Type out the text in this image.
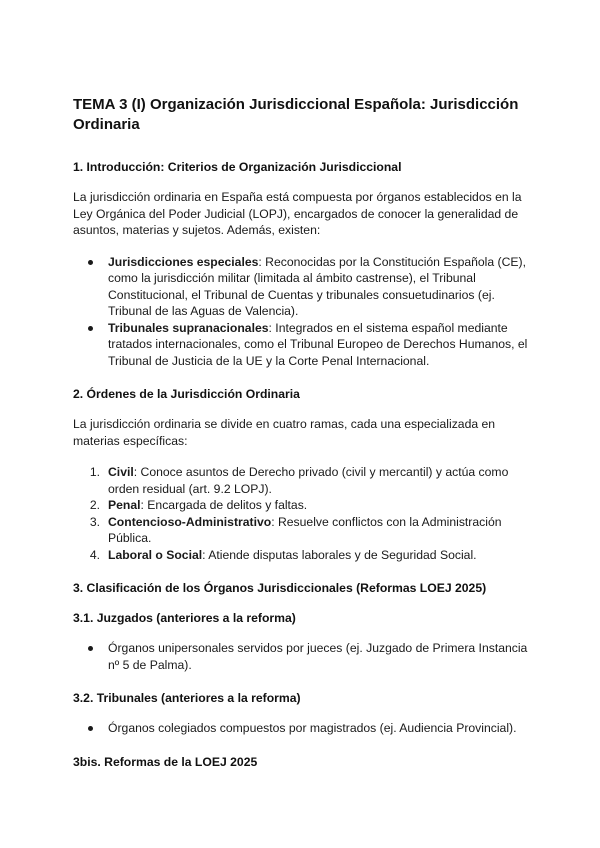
TEMA 3 (I) Organización Jurisdiccional Española: Jurisdicción Ordinaria
1. Introducción: Criterios de Organización Jurisdiccional

La jurisdicción ordinaria en España está compuesta por órganos establecidos en la Ley Orgánica del Poder Judicial (LOPJ), encargados de conocer la generalidad de asuntos, materias y sujetos. Además, existen:

Jurisdicciones especiales: Reconocidas por la Constitución Española (CE), como la jurisdicción militar (limitada al ámbito castrense), el Tribunal Constitucional, el Tribunal de Cuentas y tribunales consuetudinarios (ej. Tribunal de las Aguas de Valencia).
Tribunales supranacionales: Integrados en el sistema español mediante tratados internacionales, como el Tribunal Europeo de Derechos Humanos, el Tribunal de Justicia de la UE y la Corte Penal Internacional.
2. Órdenes de la Jurisdicción Ordinaria

La jurisdicción ordinaria se divide en cuatro ramas, cada una especializada en materias específicas:

1. Civil: Conoce asuntos de Derecho privado (civil y mercantil) y actúa como orden residual (art. 9.2 LOPJ).
2. Penal: Encargada de delitos y faltas.
3. Contencioso-Administrativo: Resuelve conflictos con la Administración Pública.
4. Laboral o Social: Atiende disputas laborales y de Seguridad Social.
3. Clasificación de los Órganos Jurisdiccionales (Reformas LOEJ 2025)
3.1. Juzgados (anteriores a la reforma)
Órganos unipersonales servidos por jueces (ej. Juzgado de Primera Instancia nº 5 de Palma).
3.2. Tribunales (anteriores a la reforma)
Órganos colegiados compuestos por magistrados (ej. Audiencia Provincial).
3bis. Reformas de la LOEJ 2025
